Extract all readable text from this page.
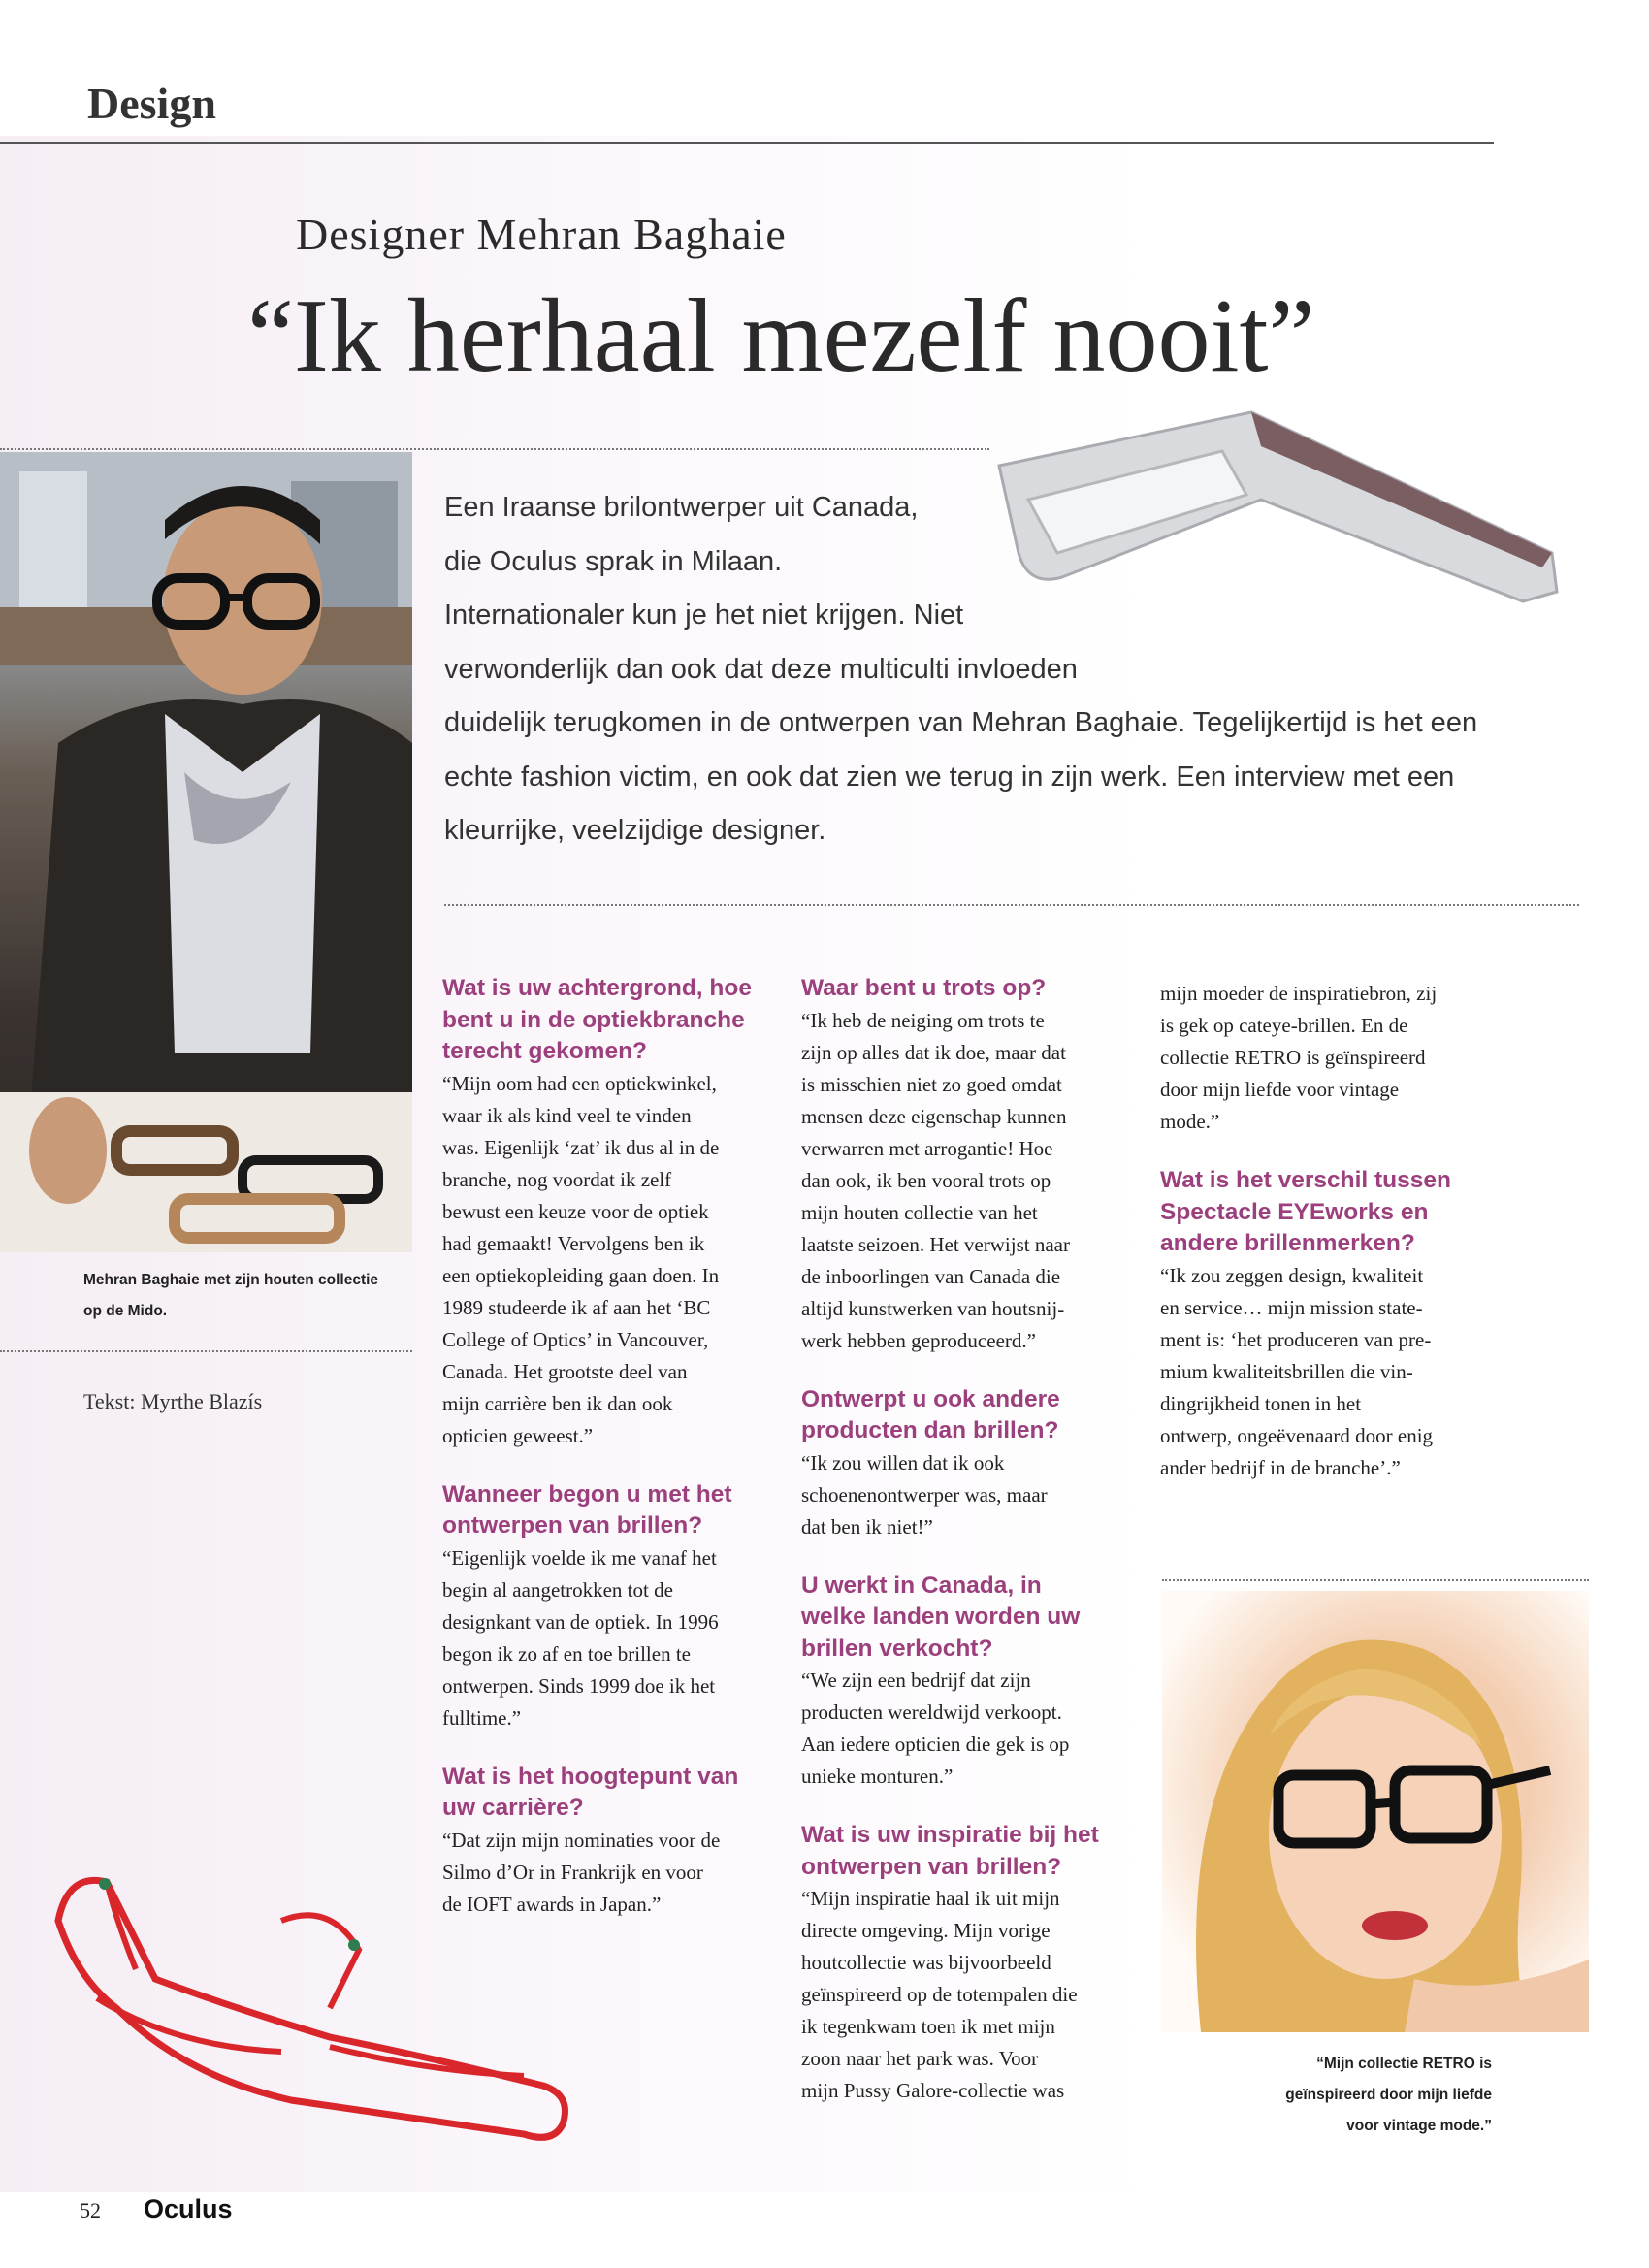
Design
Designer Mehran Baghaie
“Ik herhaal mezelf nooit”
Mehran Baghaie met zijn houten collectie
op de Mido.
Tekst: Myrthe Blazís
Een Iraanse brilontwerper uit Canada,
die Oculus sprak in Milaan.
Internationaler kun je het niet krijgen. Niet
verwonderlijk dan ook dat deze multiculti invloeden
duidelijk terugkomen in de ontwerpen van Mehran Baghaie. Tegelijkertijd is het een
echte fashion victim, en ook dat zien we terug in zijn werk. Een interview met een
kleurrijke, veelzijdige designer.
Wat is uw achtergrond, hoe
bent u in de optiekbranche
terecht gekomen?

“Mijn oom had een optiekwinkel,
waar ik als kind veel te vinden
was. Eigenlijk ‘zat’ ik dus al in de
branche, nog voordat ik zelf
bewust een keuze voor de optiek
had gemaakt! Vervolgens ben ik
een optiekopleiding gaan doen. In
1989 studeerde ik af aan het ‘BC
College of Optics’ in Vancouver,
Canada. Het grootste deel van
mijn carrière ben ik dan ook
opticien geweest.”

Wanneer begon u met het
ontwerpen van brillen?

“Eigenlijk voelde ik me vanaf het
begin al aangetrokken tot de
designkant van de optiek. In 1996
begon ik zo af en toe brillen te
ontwerpen. Sinds 1999 doe ik het
fulltime.”

Wat is het hoogtepunt van
uw carrière?

“Dat zijn mijn nominaties voor de
Silmo d’Or in Frankrijk en voor
de IOFT awards in Japan.”

Waar bent u trots op?

“Ik heb de neiging om trots te
zijn op alles dat ik doe, maar dat
is misschien niet zo goed omdat
mensen deze eigenschap kunnen
verwarren met arrogantie! Hoe
dan ook, ik ben vooral trots op
mijn houten collectie van het
laatste seizoen. Het verwijst naar
de inboorlingen van Canada die
altijd kunstwerken van houtsnij-
werk hebben geproduceerd.”

Ontwerpt u ook andere
producten dan brillen?

“Ik zou willen dat ik ook
schoenenontwerper was, maar
dat ben ik niet!”

U werkt in Canada, in
welke landen worden uw
brillen verkocht?

“We zijn een bedrijf dat zijn
producten wereldwijd verkoopt.
Aan iedere opticien die gek is op
unieke monturen.”

Wat is uw inspiratie bij het
ontwerpen van brillen?

“Mijn inspiratie haal ik uit mijn
directe omgeving. Mijn vorige
houtcollectie was bijvoorbeeld
geïnspireerd op de totempalen die
ik tegenkwam toen ik met mijn
zoon naar het park was. Voor
mijn Pussy Galore-collectie was

mijn moeder de inspiratiebron, zij
is gek op cateye-brillen. En de
collectie RETRO is geïnspireerd
door mijn liefde voor vintage
mode.”

Wat is het verschil tussen
Spectacle EYEworks en
andere brillenmerken?

“Ik zou zeggen design, kwaliteit
en service… mijn mission state-
ment is: ‘het produceren van pre-
mium kwaliteitsbrillen die vin-
dingrijkheid tonen in het
ontwerp, ongeëvenaard door enig
ander bedrijf in de branche’.”

“Mijn collectie RETRO is
geïnspireerd door mijn liefde
voor vintage mode.”
52 Oculus
